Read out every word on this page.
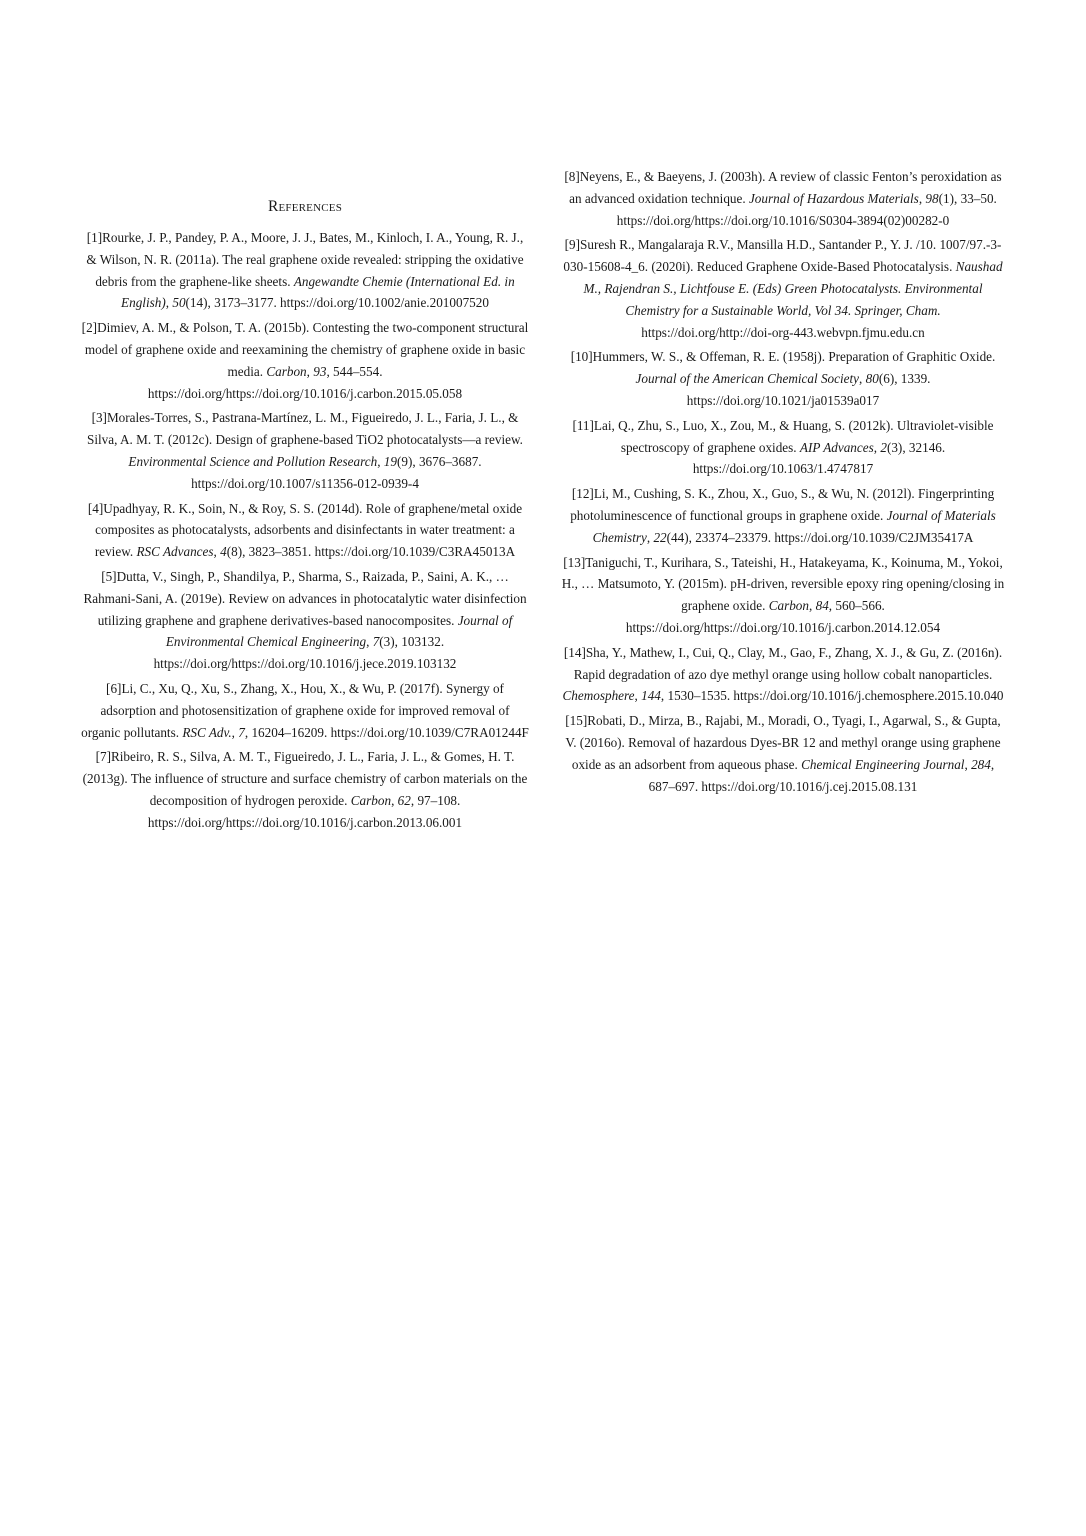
References

[1]Rourke, J. P., Pandey, P. A., Moore, J. J., Bates, M., Kinloch, I. A., Young, R. J., & Wilson, N. R. (2011a). The real graphene oxide revealed: stripping the oxidative debris from the graphene-like sheets. Angewandte Chemie (International Ed. in English), 50(14), 3173–3177. https://doi.org/10.1002/anie.201007520

[2]Dimiev, A. M., & Polson, T. A. (2015b). Contesting the two-component structural model of graphene oxide and reexamining the chemistry of graphene oxide in basic media. Carbon, 93, 544–554. https://doi.org/https://doi.org/10.1016/j.carbon.2015.05.058

[3]Morales-Torres, S., Pastrana-Martínez, L. M., Figueiredo, J. L., Faria, J. L., & Silva, A. M. T. (2012c). Design of graphene-based TiO2 photocatalysts—a review. Environmental Science and Pollution Research, 19(9), 3676–3687. https://doi.org/10.1007/s11356-012-0939-4

[4]Upadhyay, R. K., Soin, N., & Roy, S. S. (2014d). Role of graphene/metal oxide composites as photocatalysts, adsorbents and disinfectants in water treatment: a review. RSC Advances, 4(8), 3823–3851. https://doi.org/10.1039/C3RA45013A

[5]Dutta, V., Singh, P., Shandilya, P., Sharma, S., Raizada, P., Saini, A. K., … Rahmani-Sani, A. (2019e). Review on advances in photocatalytic water disinfection utilizing graphene and graphene derivatives-based nanocomposites. Journal of Environmental Chemical Engineering, 7(3), 103132. https://doi.org/https://doi.org/10.1016/j.jece.2019.103132

[6]Li, C., Xu, Q., Xu, S., Zhang, X., Hou, X., & Wu, P. (2017f). Synergy of adsorption and photosensitization of graphene oxide for improved removal of organic pollutants. RSC Adv., 7, 16204–16209. https://doi.org/10.1039/C7RA01244F

[7]Ribeiro, R. S., Silva, A. M. T., Figueiredo, J. L., Faria, J. L., & Gomes, H. T. (2013g). The influence of structure and surface chemistry of carbon materials on the decomposition of hydrogen peroxide. Carbon, 62, 97–108. https://doi.org/https://doi.org/10.1016/j.carbon.2013.06.001

[8]Neyens, E., & Baeyens, J. (2003h). A review of classic Fenton’s peroxidation as an advanced oxidation technique. Journal of Hazardous Materials, 98(1), 33–50. https://doi.org/https://doi.org/10.1016/S0304-3894(02)00282-0

[9]Suresh R., Mangalaraja R.V., Mansilla H.D., Santander P., Y. J. /10. 1007/97.-3-030-15608-4_6. (2020i). Reduced Graphene Oxide-Based Photocatalysis. Naushad M., Rajendran S., Lichtfouse E. (Eds) Green Photocatalysts. Environmental Chemistry for a Sustainable World, Vol 34. Springer, Cham. https://doi.org/http://doi-org-443.webvpn.fjmu.edu.cn

[10]Hummers, W. S., & Offeman, R. E. (1958j). Preparation of Graphitic Oxide. Journal of the American Chemical Society, 80(6), 1339. https://doi.org/10.1021/ja01539a017

[11]Lai, Q., Zhu, S., Luo, X., Zou, M., & Huang, S. (2012k). Ultraviolet-visible spectroscopy of graphene oxides. AIP Advances, 2(3), 32146. https://doi.org/10.1063/1.4747817

[12]Li, M., Cushing, S. K., Zhou, X., Guo, S., & Wu, N. (2012l). Fingerprinting photoluminescence of functional groups in graphene oxide. Journal of Materials Chemistry, 22(44), 23374–23379. https://doi.org/10.1039/C2JM35417A

[13]Taniguchi, T., Kurihara, S., Tateishi, H., Hatakeyama, K., Koinuma, M., Yokoi, H., … Matsumoto, Y. (2015m). pH-driven, reversible epoxy ring opening/closing in graphene oxide. Carbon, 84, 560–566. https://doi.org/https://doi.org/10.1016/j.carbon.2014.12.054

[14]Sha, Y., Mathew, I., Cui, Q., Clay, M., Gao, F., Zhang, X. J., & Gu, Z. (2016n). Rapid degradation of azo dye methyl orange using hollow cobalt nanoparticles. Chemosphere, 144, 1530–1535. https://doi.org/10.1016/j.chemosphere.2015.10.040

[15]Robati, D., Mirza, B., Rajabi, M., Moradi, O., Tyagi, I., Agarwal, S., & Gupta, V. (2016o). Removal of hazardous Dyes-BR 12 and methyl orange using graphene oxide as an adsorbent from aqueous phase. Chemical Engineering Journal, 284, 687–697. https://doi.org/10.1016/j.cej.2015.08.131
